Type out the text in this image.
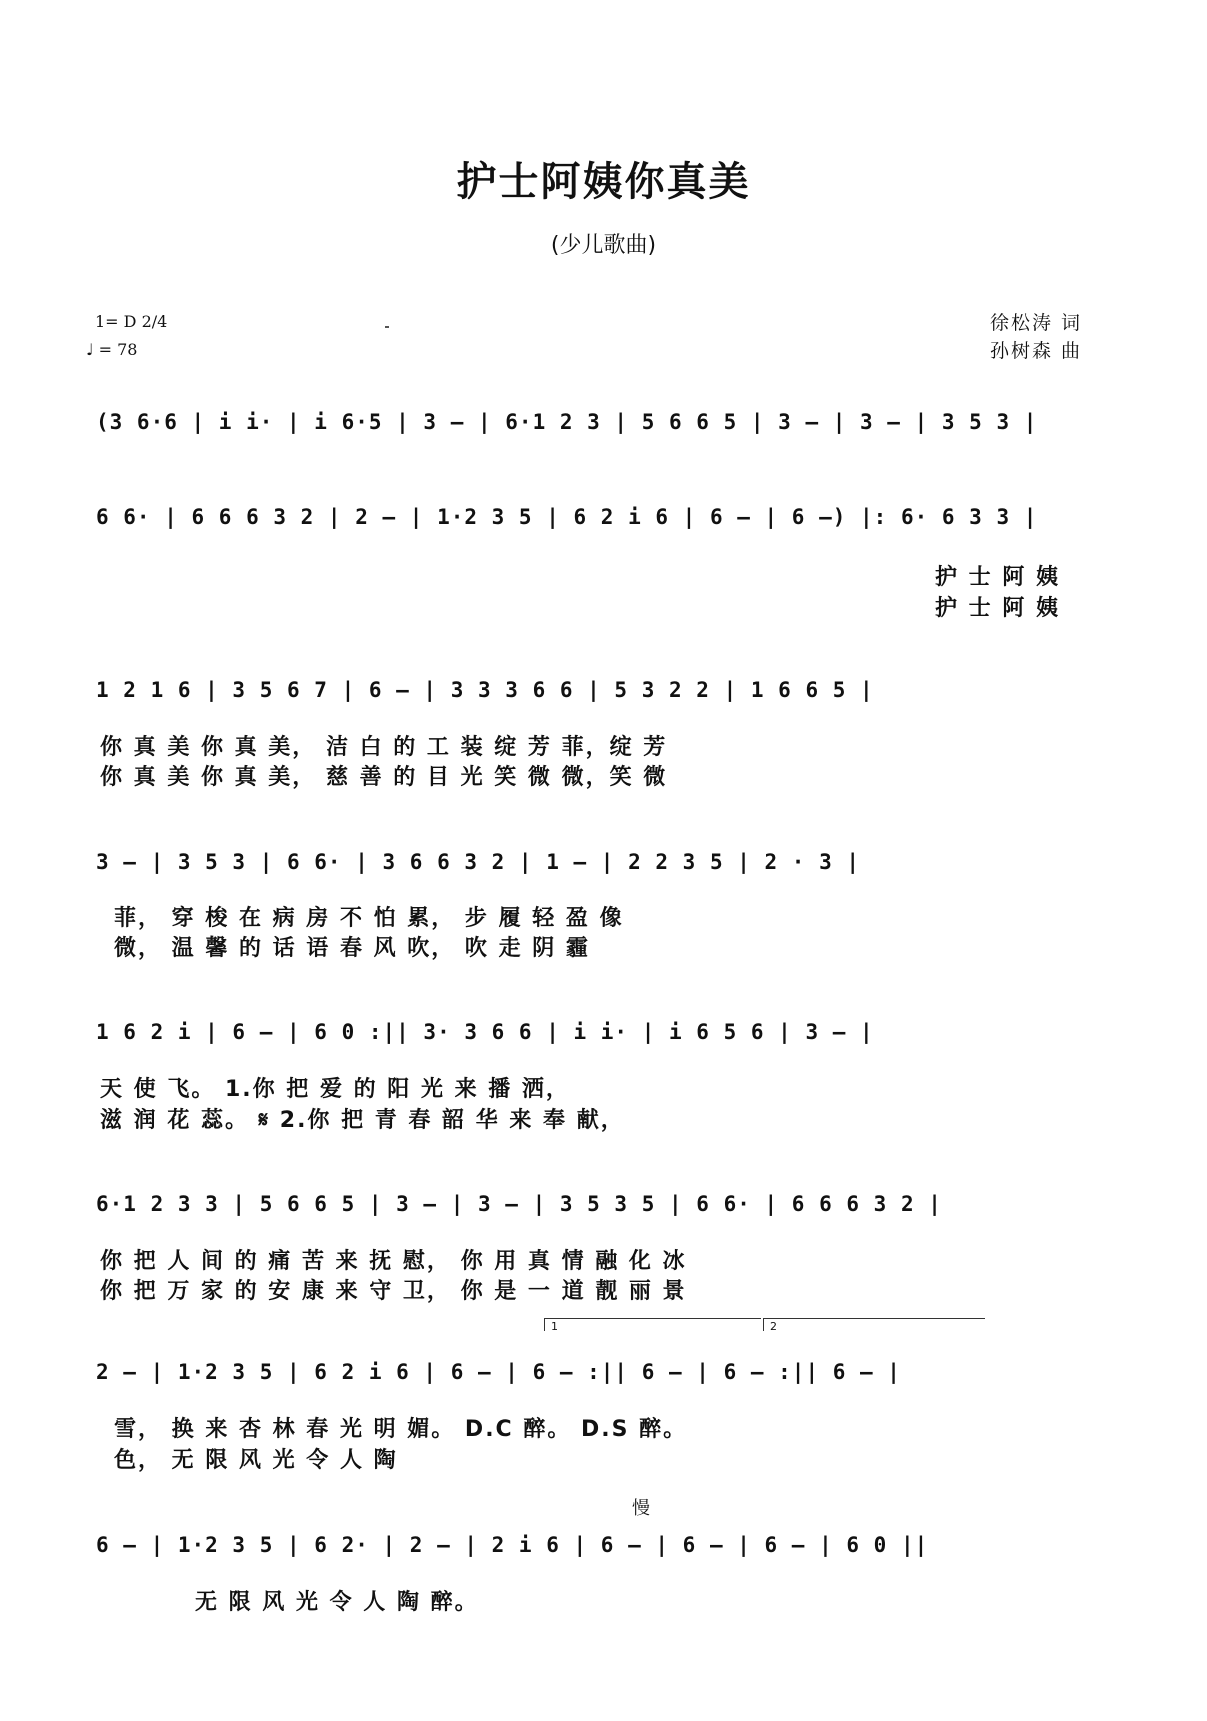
护士阿姨你真美
(少儿歌曲)
1= D 2/4
♩ = 78
徐松涛 词
孙树森 曲
(3 6·6 | i i· | i 6·5 | 3 — | 6·1 2 3 | 5 6 6 5 | 3 — | 3 — | 3 5 3 |
6 6· | 6 6 6 3 2 | 2 — | 1·2 3 5 | 6 2 i 6 | 6 — | 6 —) |: 6· 6 3 3 |
护 士 阿 姨
护 士 阿 姨
1 2 1 6 | 3 5 6 7 | 6 — | 3 3 3 6 6 | 5 3 2 2 | 1 6 6 5 |
你 真 美 你 真 美， 洁 白 的 工 装 绽 芳 菲，绽 芳
你 真 美 你 真 美， 慈 善 的 目 光 笑 微 微，笑 微
3 — | 3 5 3 | 6 6· | 3 6 6 3 2 | 1 — | 2 2 3 5 | 2 · 3 |
菲， 穿 梭 在 病 房 不 怕 累， 步 履 轻 盈 像
微， 温 馨 的 话 语 春 风 吹， 吹 走 阴 霾
1 6 2 i | 6 — | 6 0 :|| 3· 3 6 6 | i i· | i 6 5 6 | 3 — |
天 使 飞。 1.你 把 爱 的 阳 光 来 播 洒，
滋 润 花 蕊。 𝄋 2.你 把 青 春 韶 华 来 奉 献，
6·1 2 3 3 | 5 6 6 5 | 3 — | 3 — | 3 5 3 5 | 6 6· | 6 6 6 3 2 |
你 把 人 间 的 痛 苦 来 抚 慰， 你 用 真 情 融 化 冰
你 把 万 家 的 安 康 来 守 卫， 你 是 一 道 靓 丽 景
1	2
2 — | 1·2 3 5 | 6 2 i 6 | 6 — | 6 — :|| 6 — | 6 — :|| 6 — |
雪， 换 来 杏 林 春 光 明 媚。 D.C 醉。 D.S 醉。
色， 无 限 风 光 令 人 陶
慢
6 — | 1·2 3 5 | 6 2· | 2 — | 2 i 6 | 6 — | 6 — | 6 — | 6 0 ||
无 限 风 光 令 人 陶 醉。
